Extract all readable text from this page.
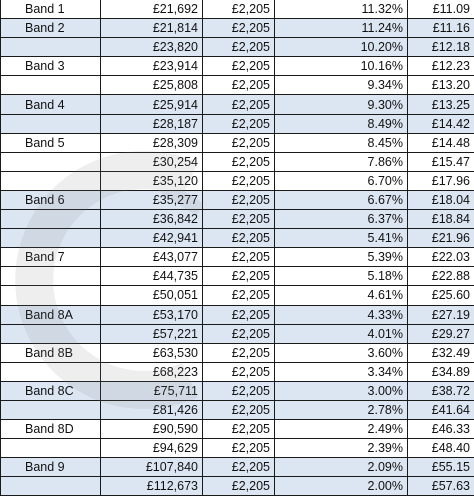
Band 1	£21,692	£2,205	11.32%	£11.09
Band 2	£21,814	£2,205	11.24%	£11.16
	£23,820	£2,205	10.20%	£12.18
Band 3	£23,914	£2,205	10.16%	£12.23
	£25,808	£2,205	9.34%	£13.20
Band 4	£25,914	£2,205	9.30%	£13.25
	£28,187	£2,205	8.49%	£14.42
Band 5	£28,309	£2,205	8.45%	£14.48
	£30,254	£2,205	7.86%	£15.47
	£35,120	£2,205	6.70%	£17.96
Band 6	£35,277	£2,205	6.67%	£18.04
	£36,842	£2,205	6.37%	£18.84
	£42,941	£2,205	5.41%	£21.96
Band 7	£43,077	£2,205	5.39%	£22.03
	£44,735	£2,205	5.18%	£22.88
	£50,051	£2,205	4.61%	£25.60
Band 8A	£53,170	£2,205	4.33%	£27.19
	£57,221	£2,205	4.01%	£29.27
Band 8B	£63,530	£2,205	3.60%	£32.49
	£68,223	£2,205	3.34%	£34.89
Band 8C	£75,711	£2,205	3.00%	£38.72
	£81,426	£2,205	2.78%	£41.64
Band 8D	£90,590	£2,205	2.49%	£46.33
	£94,629	£2,205	2.39%	£48.40
Band 9	£107,840	£2,205	2.09%	£55.15
	£112,673	£2,205	2.00%	£57.63
